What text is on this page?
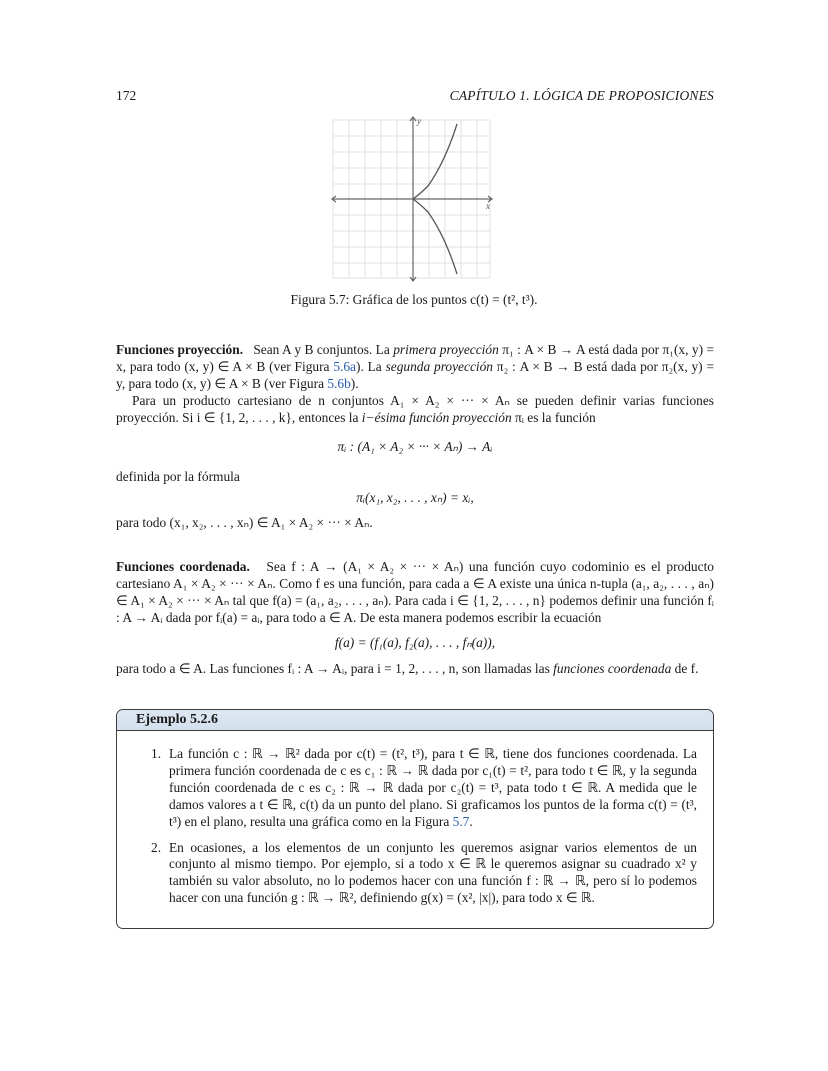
172	CAPÍTULO 1. LÓGICA DE PROPOSICIONES
y
x
Figura 5.7: Gráfica de los puntos c(t) = (t², t³).

Funciones proyección. Sean A y B conjuntos. La primera proyección π₁ : A × B → A está dada por π₁(x, y) = x, para todo (x, y) ∈ A × B (ver Figura 5.6a). La segunda proyección π₂ : A × B → B está dada por π₂(x, y) = y, para todo (x, y) ∈ A × B (ver Figura 5.6b).

Para un producto cartesiano de n conjuntos A₁ × A₂ × ··· × Aₙ se pueden definir varias funciones proyección. Si i ∈ {1, 2, . . . , k}, entonces la i−ésima función proyección πᵢ es la función

πᵢ : (A₁ × A₂ × ··· × Aₙ) → Aᵢ

definida por la fórmula

πᵢ(x₁, x₂, . . . , xₙ) = xᵢ,

para todo (x₁, x₂, . . . , xₙ) ∈ A₁ × A₂ × ··· × Aₙ.

Funciones coordenada. Sea f : A → (A₁ × A₂ × ··· × Aₙ) una función cuyo codominio es el producto cartesiano A₁ × A₂ × ··· × Aₙ. Como f es una función, para cada a ∈ A existe una única n-tupla (a₁, a₂, . . . , aₙ) ∈ A₁ × A₂ × ··· × Aₙ tal que f(a) = (a₁, a₂, . . . , aₙ). Para cada i ∈ {1, 2, . . . , n} podemos definir una función fᵢ : A → Aᵢ dada por fᵢ(a) = aᵢ, para todo a ∈ A. De esta manera podemos escribir la ecuación

f(a) = (f₁(a), f₂(a), . . . , fₙ(a)),

para todo a ∈ A. Las funciones fᵢ : A → Aᵢ, para i = 1, 2, . . . , n, son llamadas las funciones coordenada de f.

Ejemplo 5.2.6
1. La función c : ℝ → ℝ² dada por c(t) = (t², t³), para t ∈ ℝ, tiene dos funciones coordenada. La primera función coordenada de c es c₁ : ℝ → ℝ dada por c₁(t) = t², para todo t ∈ ℝ, y la segunda función coordenada de c es c₂ : ℝ → ℝ dada por c₂(t) = t³, pata todo t ∈ ℝ. A medida que le damos valores a t ∈ ℝ, c(t) da un punto del plano. Si graficamos los puntos de la forma c(t) = (t³, t³) en el plano, resulta una gráfica como en la Figura 5.7.
2. En ocasiones, a los elementos de un conjunto les queremos asignar varios elementos de un conjunto al mismo tiempo. Por ejemplo, si a todo x ∈ ℝ le queremos asignar su cuadrado x² y también su valor absoluto, no lo podemos hacer con una función f : ℝ → ℝ, pero sí lo podemos hacer con una función g : ℝ → ℝ², definiendo g(x) = (x², |x|), para todo x ∈ ℝ.
